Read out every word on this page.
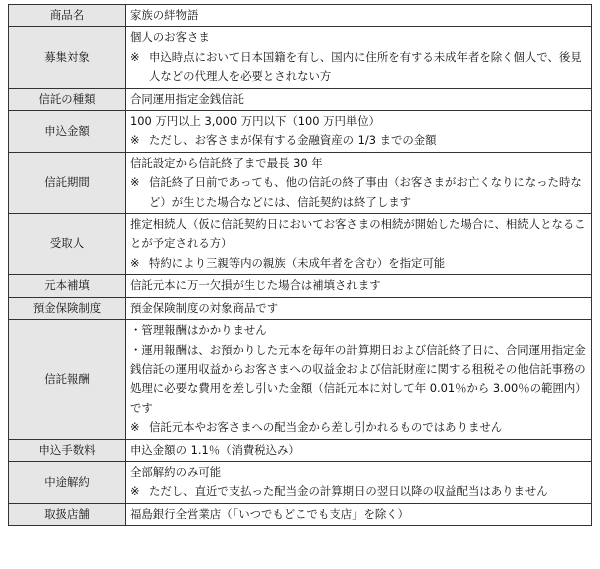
商品名	家族の絆物語

募集対象	個人のお客さま
※ 申込時点において日本国籍を有し、国内に住所を有する未成年者を除く個人で、後見人などの代理人を必要とされない方

信託の種類	合同運用指定金銭信託

申込金額	100 万円以上 3,000 万円以下（100 万円単位）
※ ただし、お客さまが保有する金融資産の 1/3 までの金額

信託期間	信託設定から信託終了まで最長 30 年
※ 信託終了日前であっても、他の信託の終了事由（お客さまがお亡くなりになった時など）が生じた場合などには、信託契約は終了します

受取人	推定相続人（仮に信託契約日においてお客さまの相続が開始した場合に、相続人となることが予定される方）
※ 特約により三親等内の親族（未成年者を含む）を指定可能

元本補填	信託元本に万一欠損が生じた場合は補填されます

預金保険制度	預金保険制度の対象商品です

信託報酬	・管理報酬はかかりません
・運用報酬は、お預かりした元本を毎年の計算期日および信託終了日に、合同運用指定金銭信託の運用収益からお客さまへの収益金および信託財産に関する租税その他信託事務の処理に必要な費用を差し引いた金額（信託元本に対して年 0.01％から 3.00％の範囲内）です
※ 信託元本やお客さまへの配当金から差し引かれるものではありません

申込手数料	申込金額の 1.1％（消費税込み）

中途解約	全部解約のみ可能
※ ただし、直近で支払った配当金の計算期日の翌日以降の収益配当はありません

取扱店舗	福島銀行全営業店（「いつでもどこでも支店」を除く）
